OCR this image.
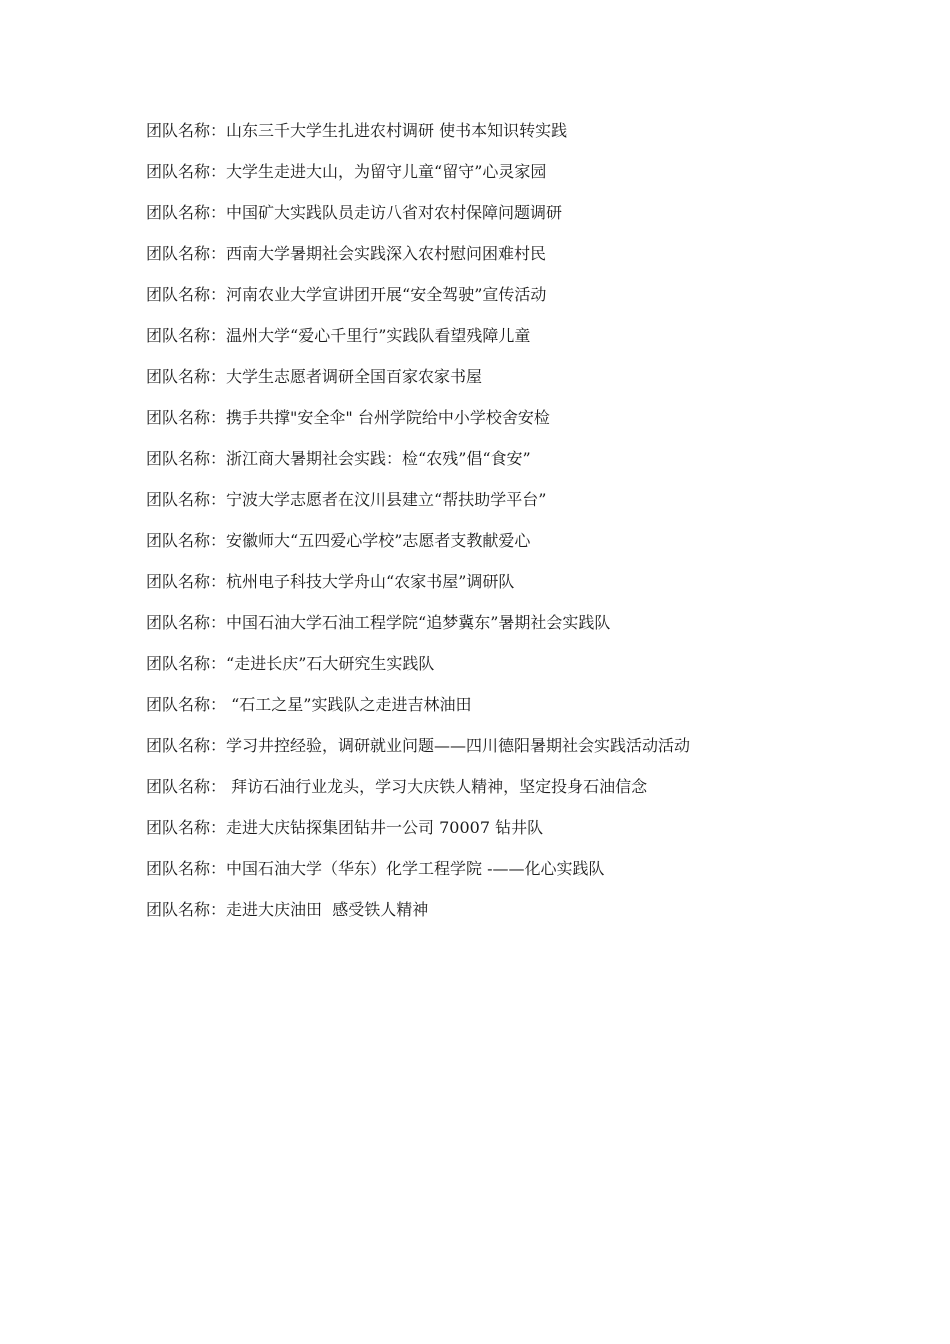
团队名称：山东三千大学生扎进农村调研 使书本知识转实践
团队名称：大学生走进大山，为留守儿童“留守”心灵家园
团队名称：中国矿大实践队员走访八省对农村保障问题调研
团队名称：西南大学暑期社会实践深入农村慰问困难村民
团队名称：河南农业大学宣讲团开展“安全驾驶”宣传活动
团队名称：温州大学“爱心千里行”实践队看望残障儿童
团队名称：大学生志愿者调研全国百家农家书屋
团队名称：携手共撑"安全伞" 台州学院给中小学校舍安检
团队名称：浙江商大暑期社会实践：检“农残”倡“食安”
团队名称：宁波大学志愿者在汶川县建立“帮扶助学平台”
团队名称：安徽师大“五四爱心学校”志愿者支教献爱心
团队名称：杭州电子科技大学舟山“农家书屋”调研队
团队名称：中国石油大学石油工程学院“追梦冀东”暑期社会实践队
团队名称：“走进长庆”石大研究生实践队
团队名称： “石工之星”实践队之走进吉林油田
团队名称：学习井控经验，调研就业问题——四川德阳暑期社会实践活动活动
团队名称： 拜访石油行业龙头，学习大庆铁人精神，坚定投身石油信念
团队名称：走进大庆钻探集团钻井一公司 70007 钻井队
团队名称：中国石油大学（华东）化学工程学院 -——化心实践队
团队名称：走进大庆油田  感受铁人精神
